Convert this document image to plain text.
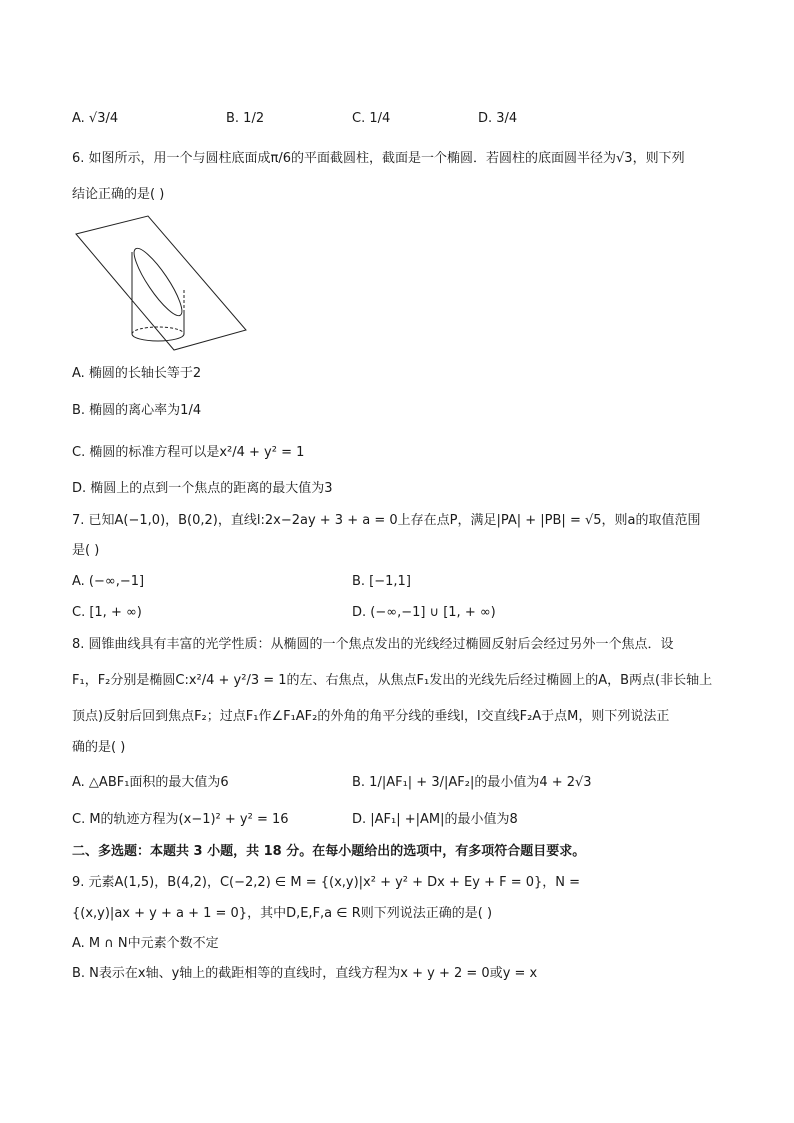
A. √3/4	B. 1/2	C. 1/4	D. 3/4
6. 如图所示，用一个与圆柱底面成π/6的平面截圆柱，截面是一个椭圆．若圆柱的底面圆半径为√3，则下列
结论正确的是( )
A. 椭圆的长轴长等于2
B. 椭圆的离心率为1/4
C. 椭圆的标准方程可以是x²/4 + y² = 1
D. 椭圆上的点到一个焦点的距离的最大值为3
7. 已知A(−1,0)，B(0,2)，直线l:2x−2ay + 3 + a = 0上存在点P，满足|PA| + |PB| = √5，则a的取值范围
是( )
A. (−∞,−1]	B. [−1,1]
C. [1, + ∞)	D. (−∞,−1] ∪ [1, + ∞)
8. 圆锥曲线具有丰富的光学性质：从椭圆的一个焦点发出的光线经过椭圆反射后会经过另外一个焦点．设
F₁，F₂分别是椭圆C:x²/4 + y²/3 = 1的左、右焦点，从焦点F₁发出的光线先后经过椭圆上的A，B两点(非长轴上
顶点)反射后回到焦点F₂；过点F₁作∠F₁AF₂的外角的角平分线的垂线l，l交直线F₂A于点M，则下列说法正
确的是( )
A. △ABF₁面积的最大值为6	B. 1/|AF₁| + 3/|AF₂|的最小值为4 + 2√3
C. M的轨迹方程为(x−1)² + y² = 16	D. |AF₁| +|AM|的最小值为8
二、多选题：本题共 3 小题，共 18 分。在每小题给出的选项中，有多项符合题目要求。
9. 元素A(1,5)，B(4,2)，C(−2,2) ∈ M = {(x,y)|x² + y² + Dx + Ey + F = 0}，N =
{(x,y)|ax + y + a + 1 = 0}，其中D,E,F,a ∈ R则下列说法正确的是( )
A. M ∩ N中元素个数不定
B. N表示在x轴、y轴上的截距相等的直线时，直线方程为x + y + 2 = 0或y = x
